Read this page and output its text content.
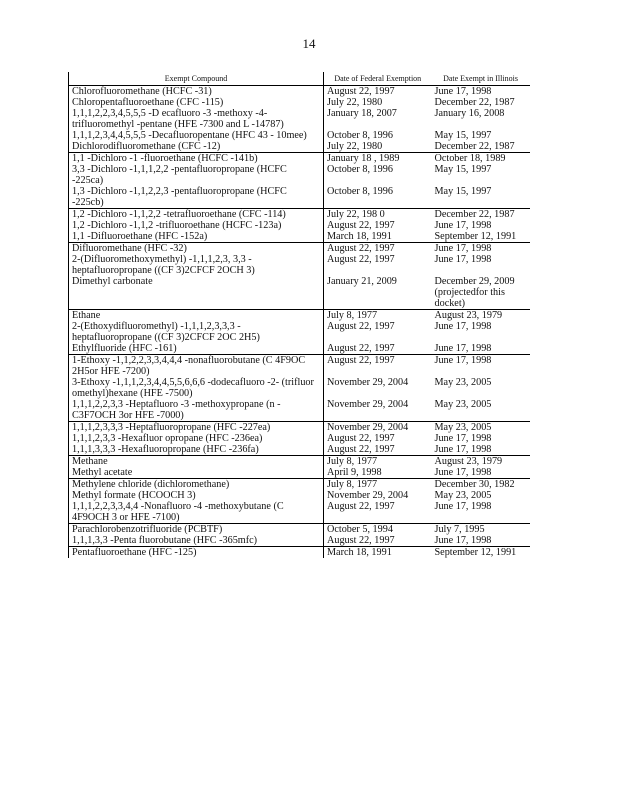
14
Exempt Compound	Date of Federal Exemption	Date Exempt in Illinois
Chlorofluoromethane (HCFC -31)	August 22, 1997	June 17, 1998
Chloropentafluoroethane (CFC -115)	July 22, 1980	December 22, 1987
1,1,1,2,2,3,4,5,5,5 -D ecafluoro -3 -methoxy -4- trifluoromethyl -pentane (HFE -7300 and L -14787)	January 18, 2007	January 16, 2008
1,1,1,2,3,4,4,5,5,5 -Decafluoropentane (HFC 43 - 10mee)	October 8, 1996	May 15, 1997
Dichlorodifluoromethane (CFC -12)	July 22, 1980	December 22, 1987
1,1 -Dichloro -1 -fluoroethane (HCFC -141b)	January 18 , 1989	October 18, 1989
3,3 -Dichloro -1,1,1,2,2 -pentafluoropropane (HCFC -225ca)	October 8, 1996	May 15, 1997
1,3 -Dichloro -1,1,2,2,3 -pentafluoropropane (HCFC -225cb)	October 8, 1996	May 15, 1997
1,2 -Dichloro -1,1,2,2 -tetrafluoroethane (CFC -114)	July 22, 198 0	December 22, 1987
1,2 -Dichloro -1,1,2 -trifluoroethane (HCFC -123a)	August 22, 1997	June 17, 1998
1,1 -Difluoroethane (HFC -152a)	March 18, 1991	September 12, 1991
Difluoromethane (HFC -32)	August 22, 1997	June 17, 1998
2-(Difluoromethoxymethyl) -1,1,1,2,3, 3,3 - heptafluoropropane ((CF 3)2CFCF 2OCH 3)	August 22, 1997	June 17, 1998
Dimethyl carbonate	January 21, 2009	December 29, 2009 (projectedfor this docket)
Ethane	July 8, 1977	August 23, 1979
2-(Ethoxydifluoromethyl) -1,1,1,2,3,3,3 - heptafluoropropane ((CF 3)2CFCF 2OC 2H5)	August 22, 1997	June 17, 1998
Ethylfluoride (HFC -161)	August 22, 1997	June 17, 1998
1-Ethoxy -1,1,2,2,3,3,4,4,4 -nonafluorobutane (C 4F9OC 2H5or HFE -7200)	August 22, 1997	June 17, 1998
3-Ethoxy -1,1,1,2,3,4,4,5,5,6,6,6 -dodecafluoro -2- (trifluor omethyl)hexane (HFE -7500)	November 29, 2004	May 23, 2005
1,1,1,2,2,3,3 -Heptafluoro -3 -methoxypropane (n - C3F7OCH 3or HFE -7000)	November 29, 2004	May 23, 2005
1,1,1,2,3,3,3 -Heptafluoropropane (HFC -227ea)	November 29, 2004	May 23, 2005
1,1,1,2,3,3 -Hexafluor opropane (HFC -236ea)	August 22, 1997	June 17, 1998
1,1,1,3,3,3 -Hexafluoropropane (HFC -236fa)	August 22, 1997	June 17, 1998
Methane	July 8, 1977	August 23, 1979
Methyl acetate	April 9, 1998	June 17, 1998
Methylene chloride (dichloromethane)	July 8, 1977	December 30, 1982
Methyl formate (HCOOCH 3)	November 29, 2004	May 23, 2005
1,1,1,2,2,3,3,4,4 -Nonafluoro -4 -methoxybutane (C 4F9OCH 3 or HFE -7100)	August 22, 1997	June 17, 1998
Parachlorobenzotrifluoride (PCBTF)	October 5, 1994	July 7, 1995
1,1,1,3,3 -Penta fluorobutane (HFC -365mfc)	August 22, 1997	June 17, 1998
Pentafluoroethane (HFC -125)	March 18, 1991	September 12, 1991
